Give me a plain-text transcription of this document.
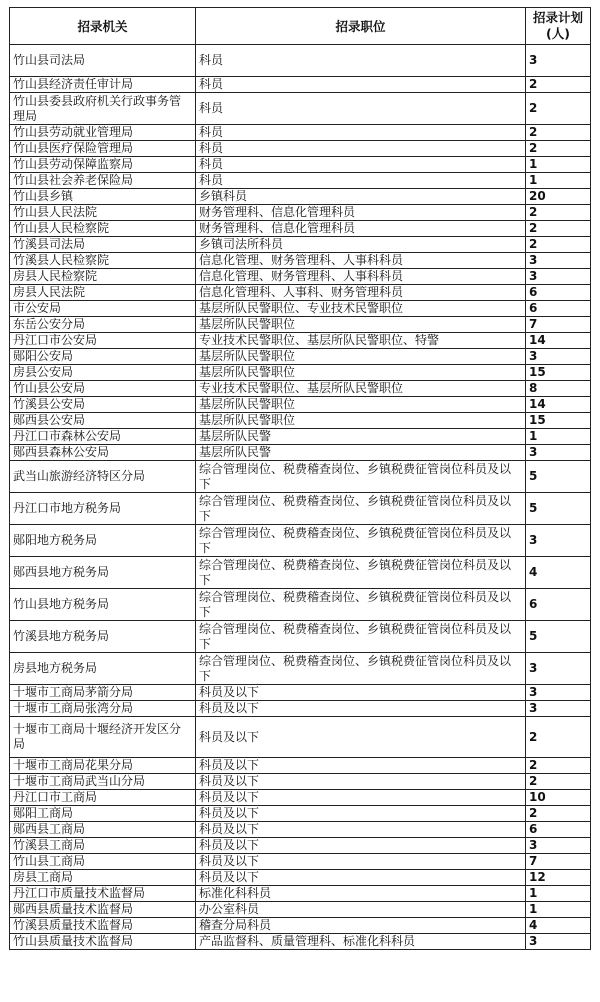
招录机关	招录职位	招录计划(人)
竹山县司法局	科员	3
竹山县经济责任审计局	科员	2
竹山县委县政府机关行政事务管理局	科员	2
竹山县劳动就业管理局	科员	2
竹山县医疗保险管理局	科员	2
竹山县劳动保障监察局	科员	1
竹山县社会养老保险局	科员	1
竹山县乡镇	乡镇科员	20
竹山县人民法院	财务管理科、信息化管理科员	2
竹山县人民检察院	财务管理科、信息化管理科员	2
竹溪县司法局	乡镇司法所科员	2
竹溪县人民检察院	信息化管理、财务管理科、人事科科员	3
房县人民检察院	信息化管理、财务管理科、人事科科员	3
房县人民法院	信息化管理科、人事科、财务管理科员	6
市公安局	基层所队民警职位、专业技术民警职位	6
东岳公安分局	基层所队民警职位	7
丹江口市公安局	专业技术民警职位、基层所队民警职位、特警	14
郧阳公安局	基层所队民警职位	3
房县公安局	基层所队民警职位	15
竹山县公安局	专业技术民警职位、基层所队民警职位	8
竹溪县公安局	基层所队民警职位	14
郧西县公安局	基层所队民警职位	15
丹江口市森林公安局	基层所队民警	1
郧西县森林公安局	基层所队民警	3
武当山旅游经济特区分局	综合管理岗位、税费稽查岗位、乡镇税费征管岗位科员及以下	5
丹江口市地方税务局	综合管理岗位、税费稽查岗位、乡镇税费征管岗位科员及以下	5
郧阳地方税务局	综合管理岗位、税费稽查岗位、乡镇税费征管岗位科员及以下	3
郧西县地方税务局	综合管理岗位、税费稽查岗位、乡镇税费征管岗位科员及以下	4
竹山县地方税务局	综合管理岗位、税费稽查岗位、乡镇税费征管岗位科员及以下	6
竹溪县地方税务局	综合管理岗位、税费稽查岗位、乡镇税费征管岗位科员及以下	5
房县地方税务局	综合管理岗位、税费稽查岗位、乡镇税费征管岗位科员及以下	3
十堰市工商局茅箭分局	科员及以下	3
十堰市工商局张湾分局	科员及以下	3
十堰市工商局十堰经济开发区分局	科员及以下	2
十堰市工商局花果分局	科员及以下	2
十堰市工商局武当山分局	科员及以下	2
丹江口市工商局	科员及以下	10
郧阳工商局	科员及以下	2
郧西县工商局	科员及以下	6
竹溪县工商局	科员及以下	3
竹山县工商局	科员及以下	7
房县工商局	科员及以下	12
丹江口市质量技术监督局	标准化科科员	1
郧西县质量技术监督局	办公室科员	1
竹溪县质量技术监督局	稽查分局科员	4
竹山县质量技术监督局	产品监督科、质量管理科、标准化科科员	3
